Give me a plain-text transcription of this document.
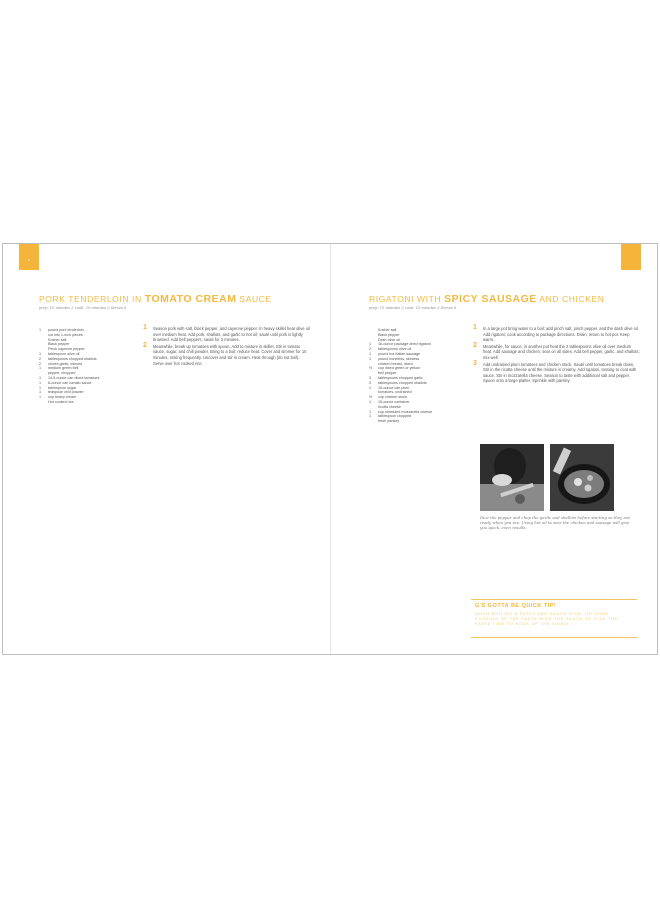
6
PORK TENDERLOIN IN TOMATO CREAM SAUCE
prep: 10 minutes // cook: 20 minutes // Serves 6
1	pound pork tenderloin,
cut into 1-inch pieces
Kosher salt
Black pepper
Pinch cayenne pepper
1	tablespoon olive oil
2	tablespoons chopped shallots
2	cloves garlic, minced
1	medium green bell
pepper, chopped
1	14.5-ounce can diced tomatoes
1	8-ounce can tomato sauce
1	tablespoon sugar
1	teaspoon chili powder
1	cup heavy cream
Hot cooked rice
1 Season pork with salt, black pepper, and cayenne pepper. In heavy skillet heat olive oil over medium heat. Add pork, shallots, and garlic to hot oil; sauté until pork is lightly browned. Add bell peppers; sauté for 3 minutes.
2 Meanwhile, break up tomatoes with spoon. Add to mixture in skillet. Stir in tomato sauce, sugar, and chili powder. Bring to a boil; reduce heat. Cover and simmer for 10 minutes, stirring frequently. Uncover and stir in cream. Heat through (do not boil). Serve over hot cooked rice.
RIGATONI WITH SPICY SAUSAGE AND CHICKEN
prep: 15 minutes // cook: 15 minutes // Serves 6
Kosher salt
Black pepper
Dash olive oil
1	16-ounce package dried rigatoni
2	tablespoons olive oil
1	pound hot Italian sausage
1	pound boneless, skinless
chicken breast, diced
½	cup diced green or yellow
bell pepper
3	tablespoons chopped garlic
3	tablespoons chopped shallots
1	15-ounce can plum
tomatoes, undrained
½	cup chicken stock
1	15-ounce container
ricotta cheese
1	cup shredded mozzarella cheese
1	tablespoon chopped
fresh parsley
1 In a large pot bring water to a boil; add pinch salt, pinch pepper, and the dash olive oil. Add rigatoni; cook according to package directions. Drain; return to hot pot. Keep warm.
2 Meanwhile, for sauce, in another pot heat the 2 tablespoons olive oil over medium heat. Add sausage and chicken; sear on all sides. Add bell pepper, garlic, and shallots; mix well.
3 Add undrained plum tomatoes and chicken stock. Sauté until tomatoes break down. Stir in the ricotta cheese until the mixture is creamy. Add rigatoni, tossing to coat with sauce. Stir in mozzarella cheese. Season to taste with additional salt and pepper. Spoon onto a large platter. Sprinkle with parsley.
Dice the pepper and chop the garlic and shallots before starting so they are ready when you are. Using hot oil to sear the chicken and sausage will give you quick, even results.
G'S GOTTA BE QUICK TIP!
WHEN BOILING A PASTA AND SAUCE DISH, DO SOME COOKING OF THE PASTA WITH THE SAUCE TO GIVE THE PASTA TIME TO SOAK UP THE SAUCE.
